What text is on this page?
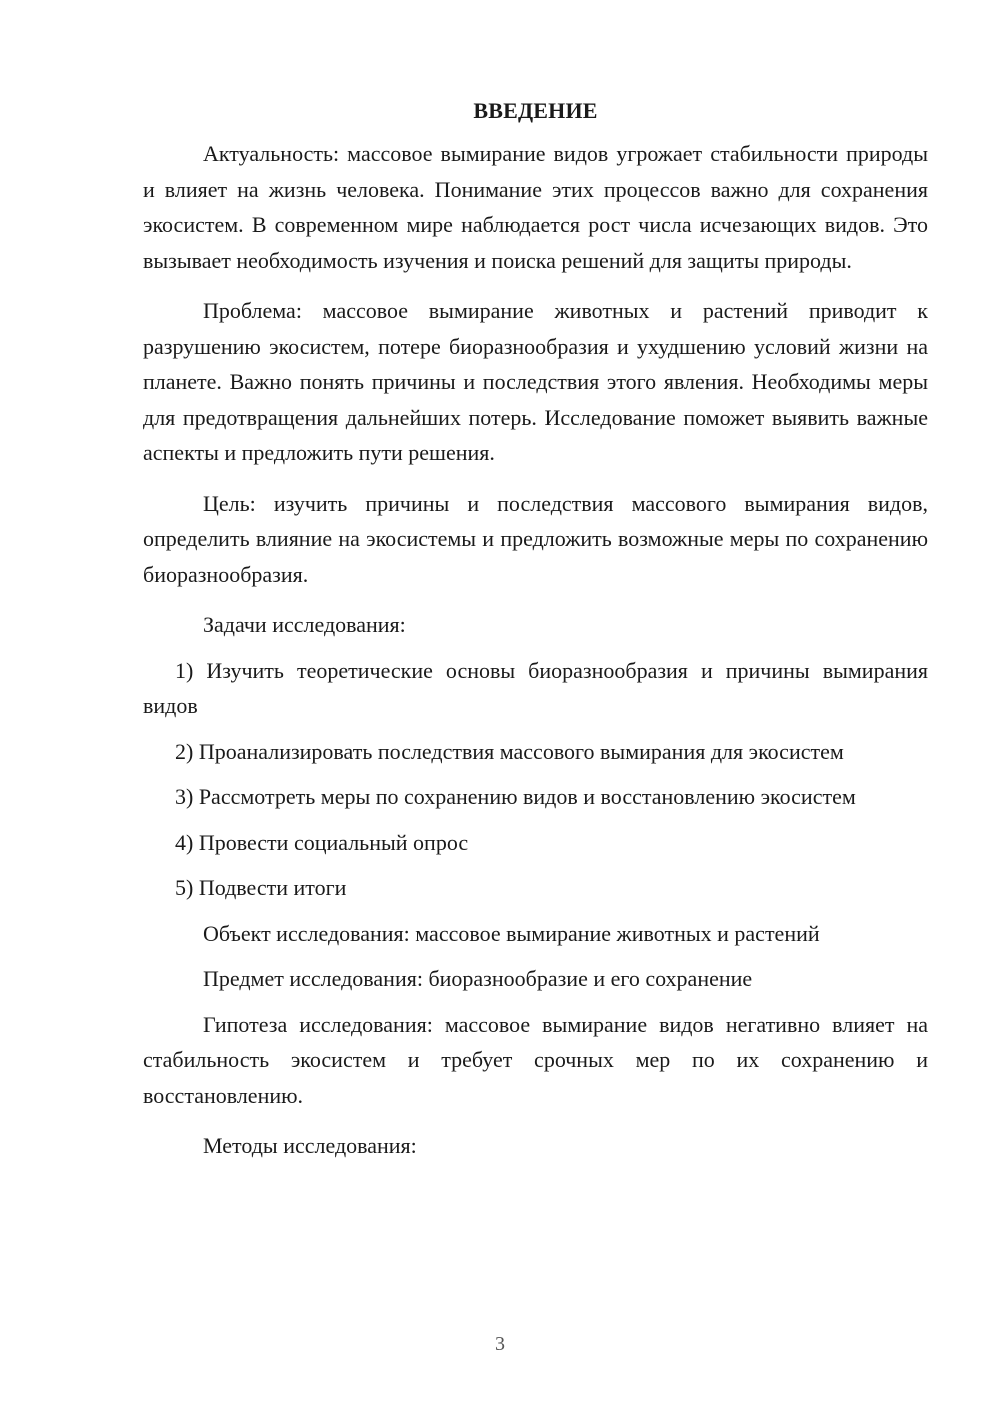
ВВЕДЕНИЕ

Актуальность: массовое вымирание видов угрожает стабильности природы и влияет на жизнь человека. Понимание этих процессов важно для сохранения экосистем. В современном мире наблюдается рост числа исчезающих видов. Это вызывает необходимость изучения и поиска решений для защиты природы.

Проблема: массовое вымирание животных и растений приводит к разрушению экосистем, потере биоразнообразия и ухудшению условий жизни на планете. Важно понять причины и последствия этого явления. Необходимы меры для предотвращения дальнейших потерь. Исследование поможет выявить важные аспекты и предложить пути решения.

Цель: изучить причины и последствия массового вымирания видов, определить влияние на экосистемы и предложить возможные меры по сохранению биоразнообразия.

Задачи исследования:

1) Изучить теоретические основы биоразнообразия и причины вымирания видов

2) Проанализировать последствия массового вымирания для экосистем

3) Рассмотреть меры по сохранению видов и восстановлению экосистем

4) Провести социальный опрос

5) Подвести итоги

Объект исследования: массовое вымирание животных и растений

Предмет исследования: биоразнообразие и его сохранение

Гипотеза исследования: массовое вымирание видов негативно влияет на стабильность экосистем и требует срочных мер по их сохранению и восстановлению.

Методы исследования:

3
